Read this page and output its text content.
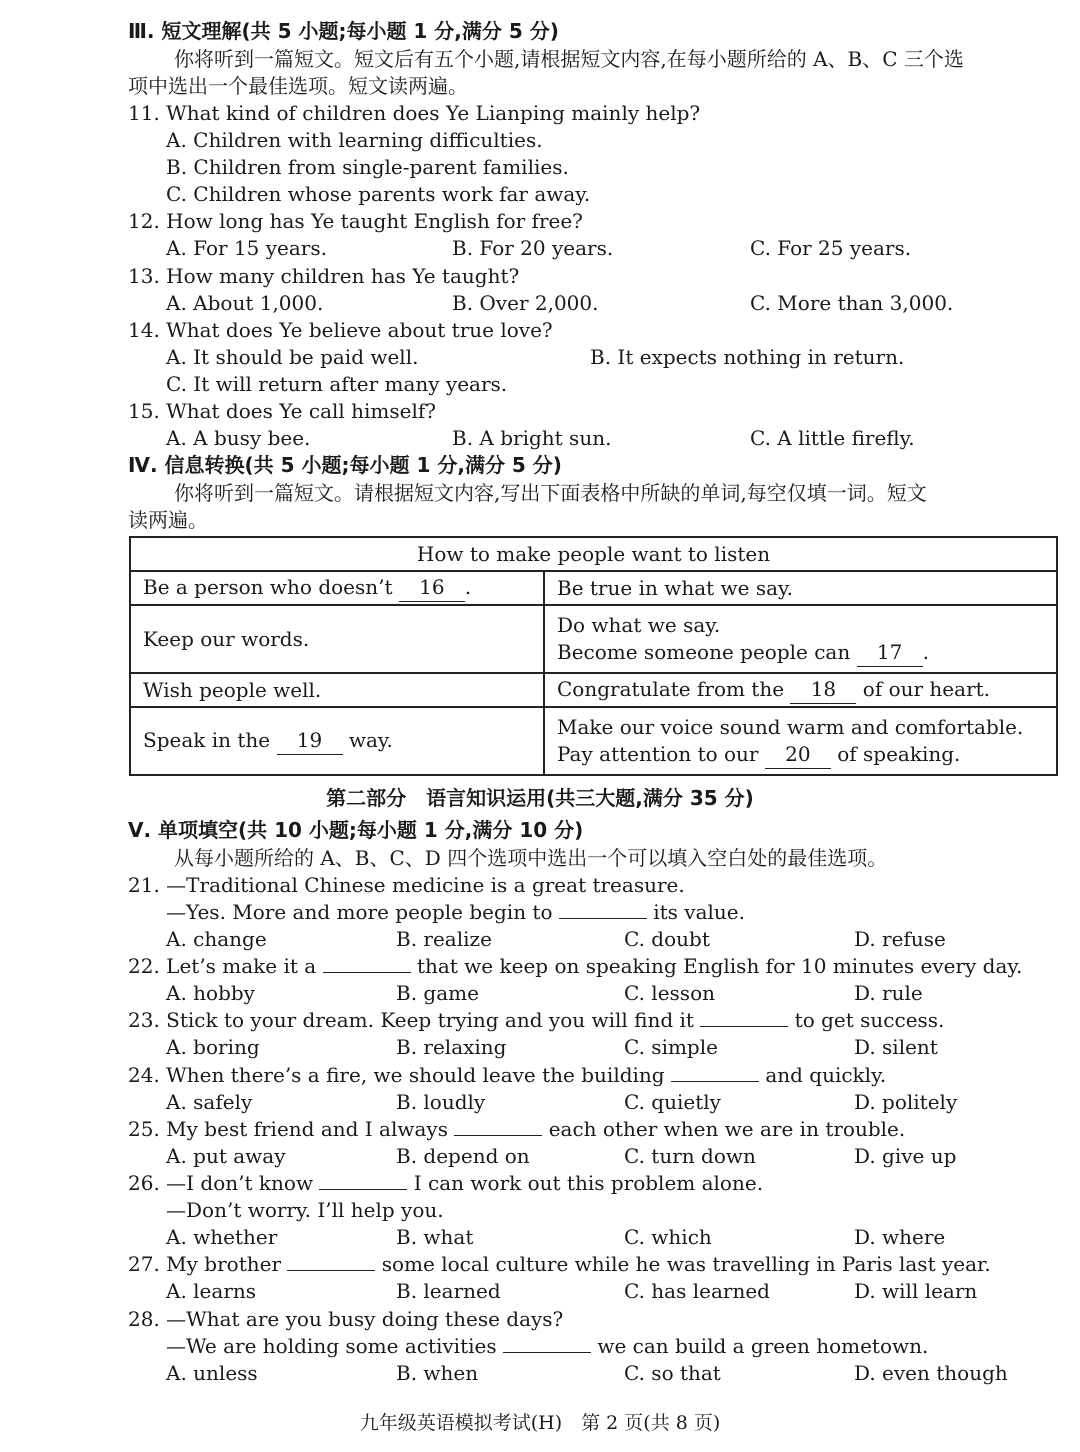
Ⅲ. 短文理解(共 5 小题;每小题 1 分,满分 5 分)
你将听到一篇短文。短文后有五个小题,请根据短文内容,在每小题所给的 A、B、C 三个选
项中选出一个最佳选项。短文读两遍。
11. What kind of children does Ye Lianping mainly help?
A. Children with learning difficulties.
B. Children from single-parent families.
C. Children whose parents work far away.
12. How long has Ye taught English for free?
A. For 15 years.	B. For 20 years.	C. For 25 years.
13. How many children has Ye taught?
A. About 1,000.	B. Over 2,000.	C. More than 3,000.
14. What does Ye believe about true love?
A. It should be paid well.	B. It expects nothing in return.
C. It will return after many years.
15. What does Ye call himself?
A. A busy bee.	B. A bright sun.	C. A little firefly.
Ⅳ. 信息转换(共 5 小题;每小题 1 分,满分 5 分)
你将听到一篇短文。请根据短文内容,写出下面表格中所缺的单词,每空仅填一词。短文
读两遍。
How to make people want to listen	
Be a person who doesn’t 16 .	Be true in what we say.
Keep our words.	Do what we say.
Become someone people can 17 .

Wish people well.	Congratulate from the 18 of our heart.
Speak in the 19 way.	Make our voice sound warm and comfortable.
Pay attention to our 20 of speaking.
第二部分　语言知识运用(共三大题,满分 35 分)
Ⅴ. 单项填空(共 10 小题;每小题 1 分,满分 10 分)
从每小题所给的 A、B、C、D 四个选项中选出一个可以填入空白处的最佳选项。
21. —Traditional Chinese medicine is a great treasure.
—Yes. More and more people begin to	its value.
A. change	B. realize	C. doubt	D. refuse
22. Let’s make it a	that we keep on speaking English for 10 minutes every day.
A. hobby	B. game	C. lesson	D. rule
23. Stick to your dream. Keep trying and you will find it	to get success.
A. boring	B. relaxing	C. simple	D. silent
24. When there’s a fire, we should leave the building	and quickly.
A. safely	B. loudly	C. quietly	D. politely
25. My best friend and I always	each other when we are in trouble.
A. put away	B. depend on	C. turn down	D. give up
26. —I don’t know	I can work out this problem alone.
—Don’t worry. I’ll help you.
A. whether	B. what	C. which	D. where
27. My brother	some local culture while he was travelling in Paris last year.
A. learns	B. learned	C. has learned	D. will learn
28. —What are you busy doing these days?
—We are holding some activities	we can build a green hometown.
A. unless	B. when	C. so that	D. even though
九年级英语模拟考试(H)　第 2 页(共 8 页)
